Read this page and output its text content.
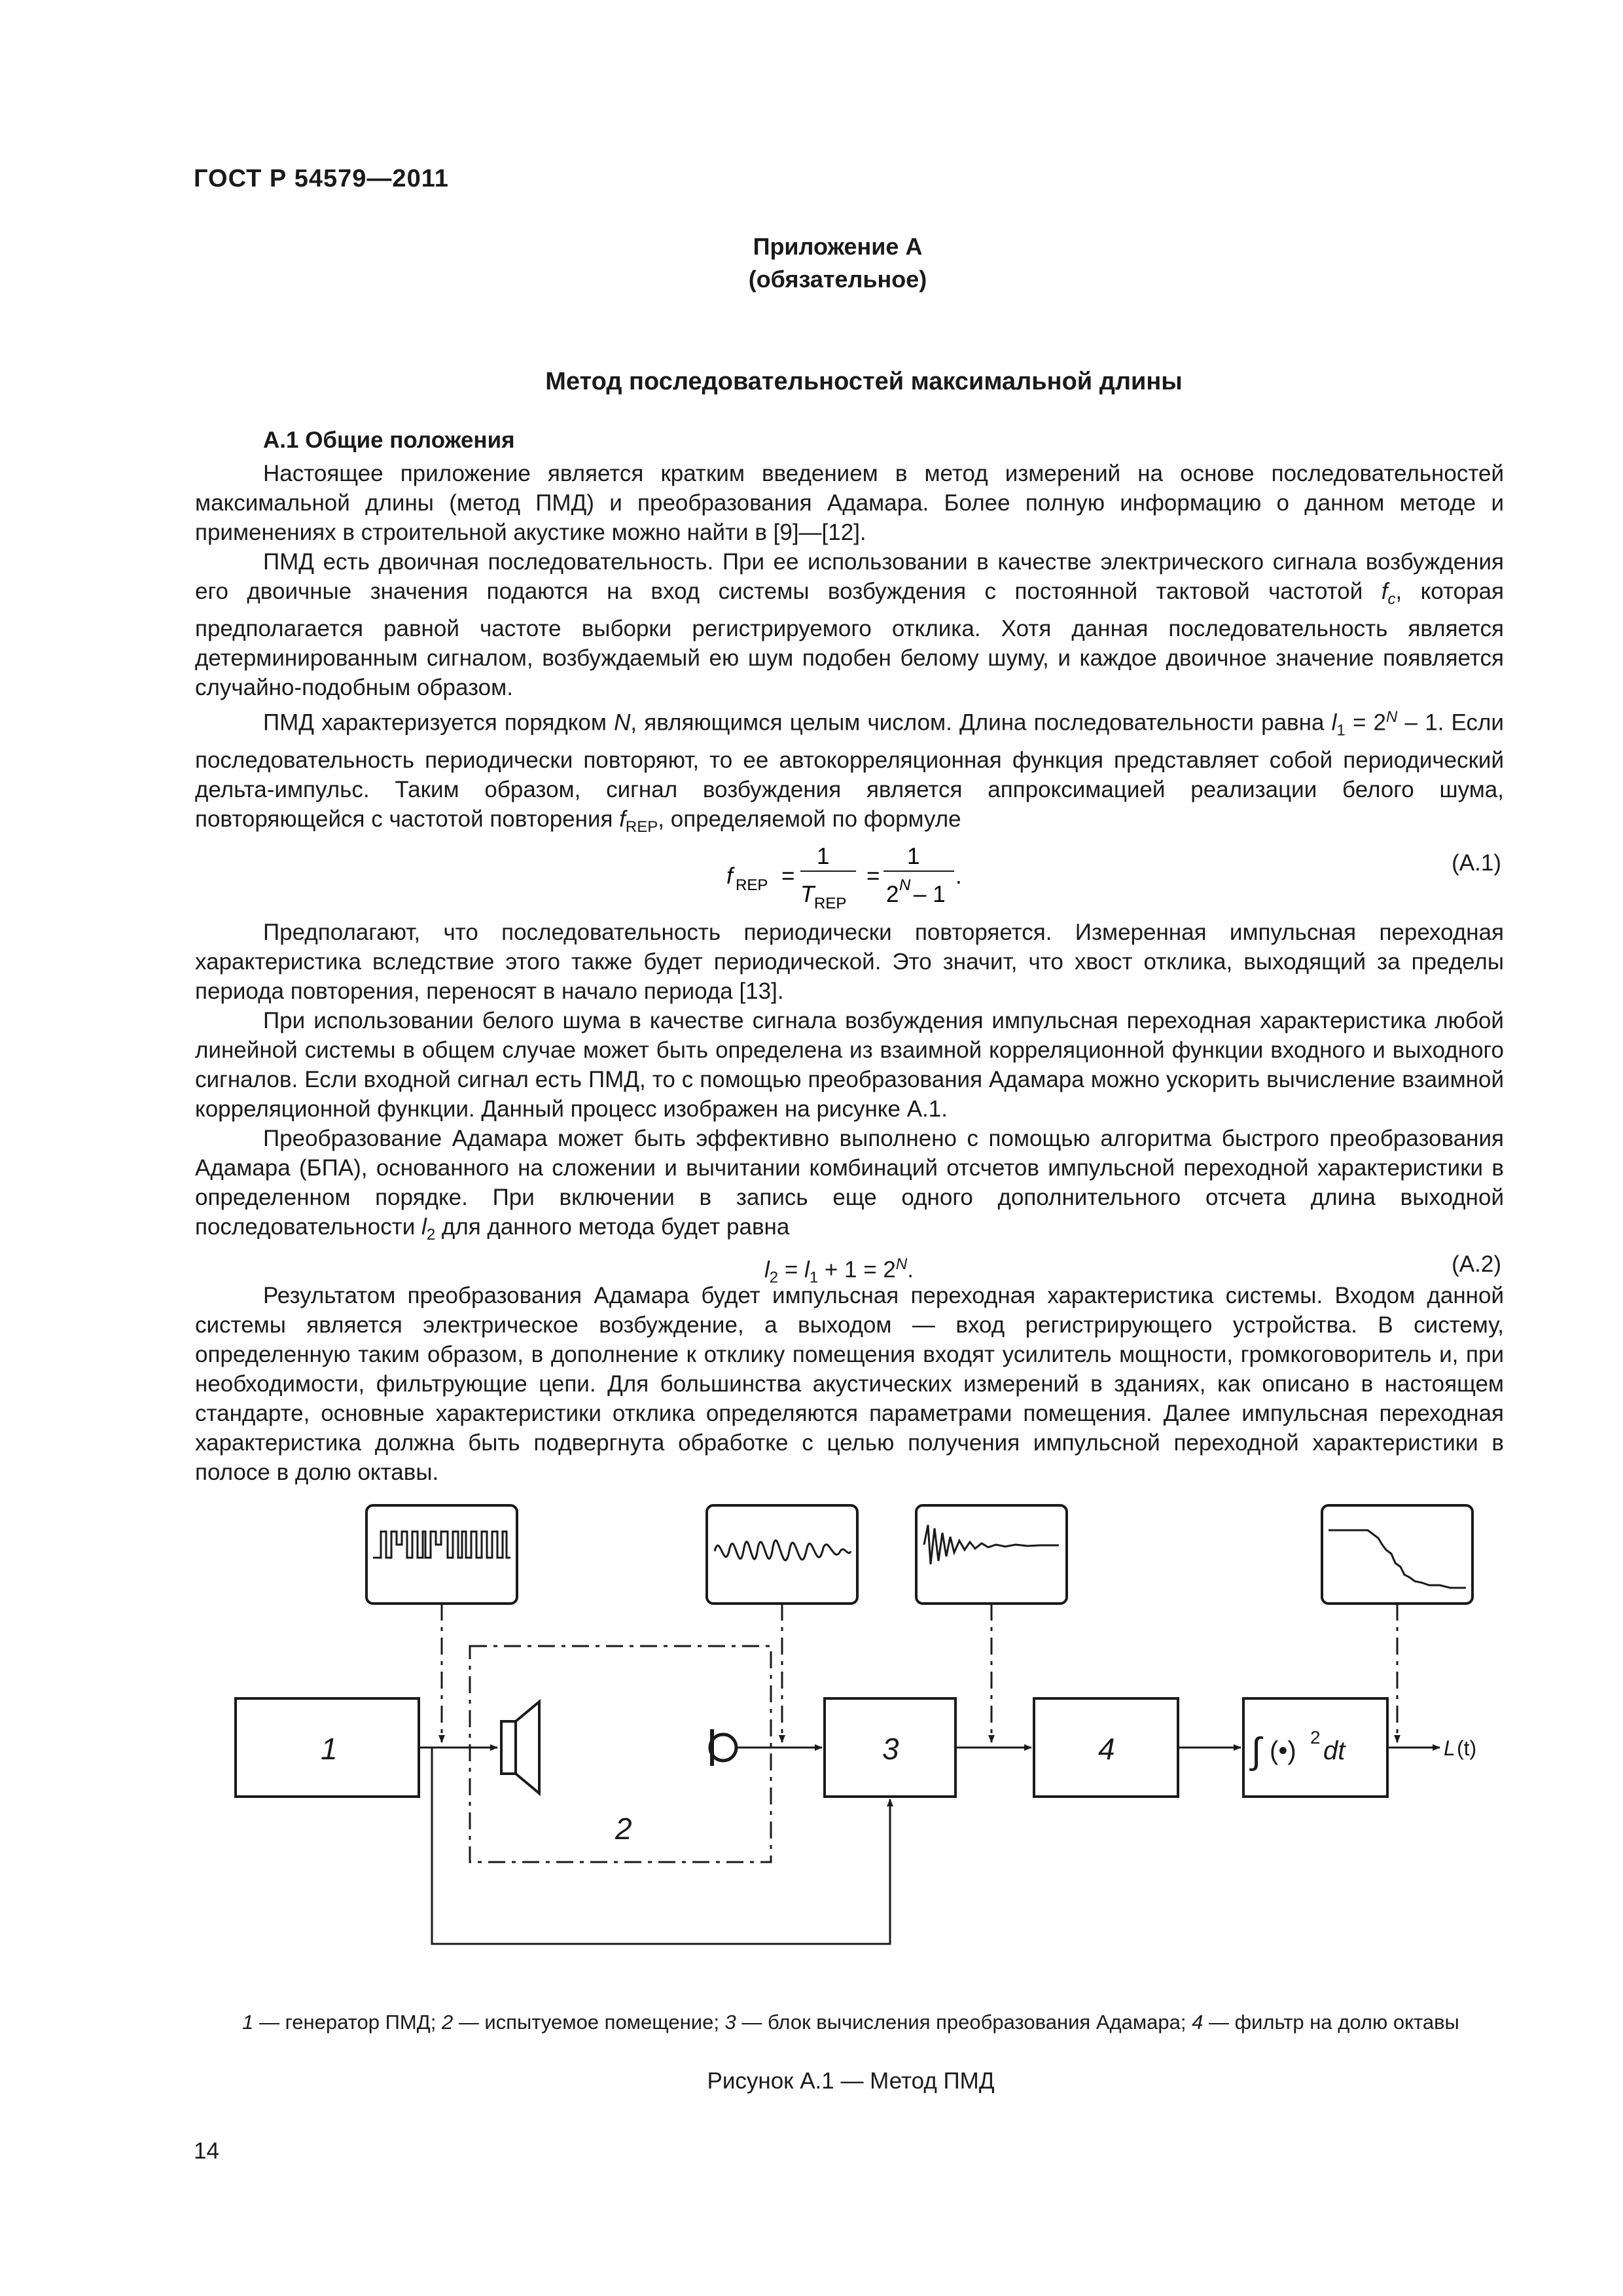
ГОСТ Р 54579—2011
Приложение А
(обязательное)
Метод последовательностей максимальной длины

А.1 Общие положения

Настоящее приложение является кратким введением в метод измерений на основе последовательностей максимальной длины (метод ПМД) и преобразования Адамара. Более полную информацию о данном методе и применениях в строительной акустике можно найти в [9]—[12].

ПМД есть двоичная последовательность. При ее использовании в качестве электрического сигнала возбуждения его двоичные значения подаются на вход системы возбуждения с постоянной тактовой частотой $f_c$, которая предполагается равной частоте выборки регистрируемого отклика. Хотя данная последовательность является детерминированным сигналом, возбуждаемый ею шум подобен белому шуму, и каждое двоичное значение появляется случайно-подобным образом.

ПМД характеризуется порядком N, являющимся целым числом. Длина последовательности равна $l_1 = 2^N - 1$. Если последовательность периодически повторяют, то ее автокорреляционная функция представляет собой периодический дельта-импульс. Таким образом, сигнал возбуждения является аппроксимацией реализации белого шума, повторяющейся с частотой повторения $f_{REP}$, определяемой по формуле

f REP =
1
T REP
=
1
2 N – 1
.
(А.1)

Предполагают, что последовательность периодически повторяется. Измеренная импульсная переходная характеристика вследствие этого также будет периодической. Это значит, что хвост отклика, выходящий за пределы периода повторения, переносят в начало периода [13].

При использовании белого шума в качестве сигнала возбуждения импульсная переходная характеристика любой линейной системы в общем случае может быть определена из взаимной корреляционной функции входного и выходного сигналов. Если входной сигнал есть ПМД, то с помощью преобразования Адамара можно ускорить вычисление взаимной корреляционной функции. Данный процесс изображен на рисунке А.1.

Преобразование Адамара может быть эффективно выполнено с помощью алгоритма быстрого преобразования Адамара (БПА), основанного на сложении и вычитании комбинаций отсчетов импульсной переходной характеристики в определенном порядке. При включении в запись еще одного дополнительного отсчета длина выходной последовательности $l_2$ для данного метода будет равна

$l_2 = l_1 + 1 = 2^N$.	(А.2)

Результатом преобразования Адамара будет импульсная переходная характеристика системы. Входом данной системы является электрическое возбуждение, а выходом — вход регистрирующего устройства. В систему, определенную таким образом, в дополнение к отклику помещения входят усилитель мощности, громкоговоритель и, при необходимости, фильтрующие цепи. Для большинства акустических измерений в зданиях, как описано в настоящем стандарте, основные характеристики отклика определяются параметрами помещения. Далее импульсная переходная характеристика должна быть подвергнута обработке с целью получения импульсной переходной характеристики в полосе в долю октавы.

1
2
3	4	∫ (•) 2 dt	L (t)
1 — генератор ПМД; 2 — испытуемое помещение; 3 — блок вычисления преобразования Адамара; 4 — фильтр на долю октавы
Рисунок А.1 — Метод ПМД
14
